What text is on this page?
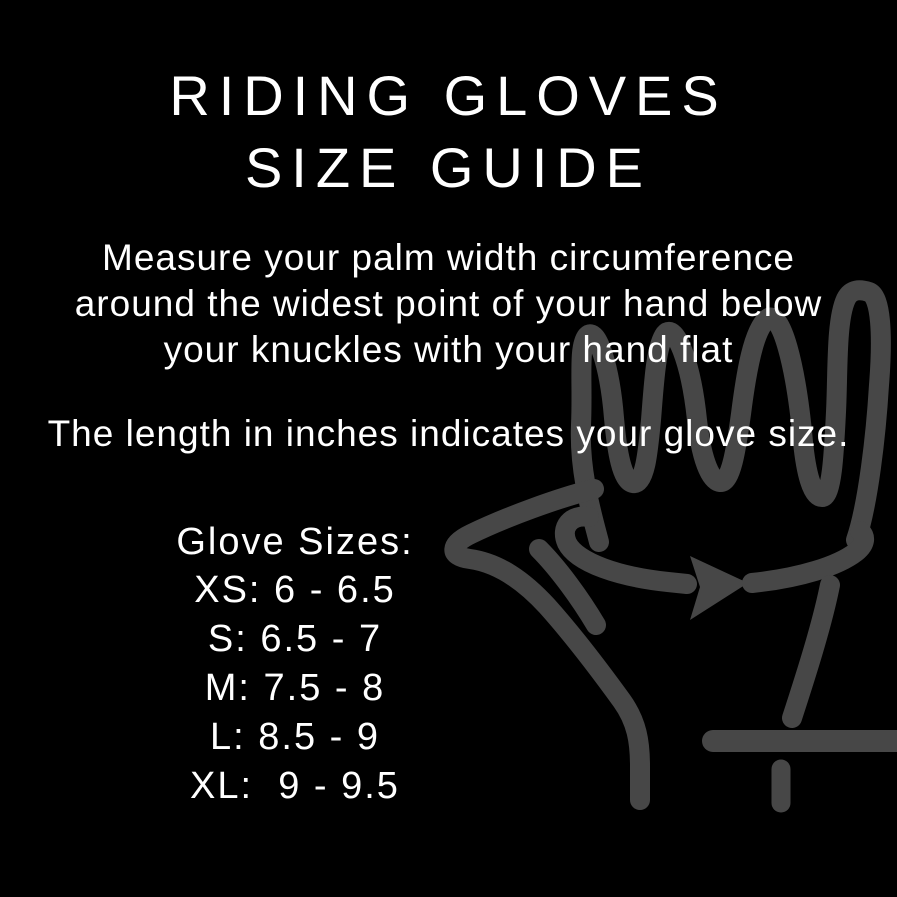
RIDING GLOVES
SIZE GUIDE
Measure your palm width circumference
around the widest point of your hand below
your knuckles with your hand flat
The length in inches indicates your glove size.
Glove Sizes:
XS: 6 - 6.5
S: 6.5 - 7
M: 7.5 - 8
L: 8.5 - 9
XL:  9 - 9.5
